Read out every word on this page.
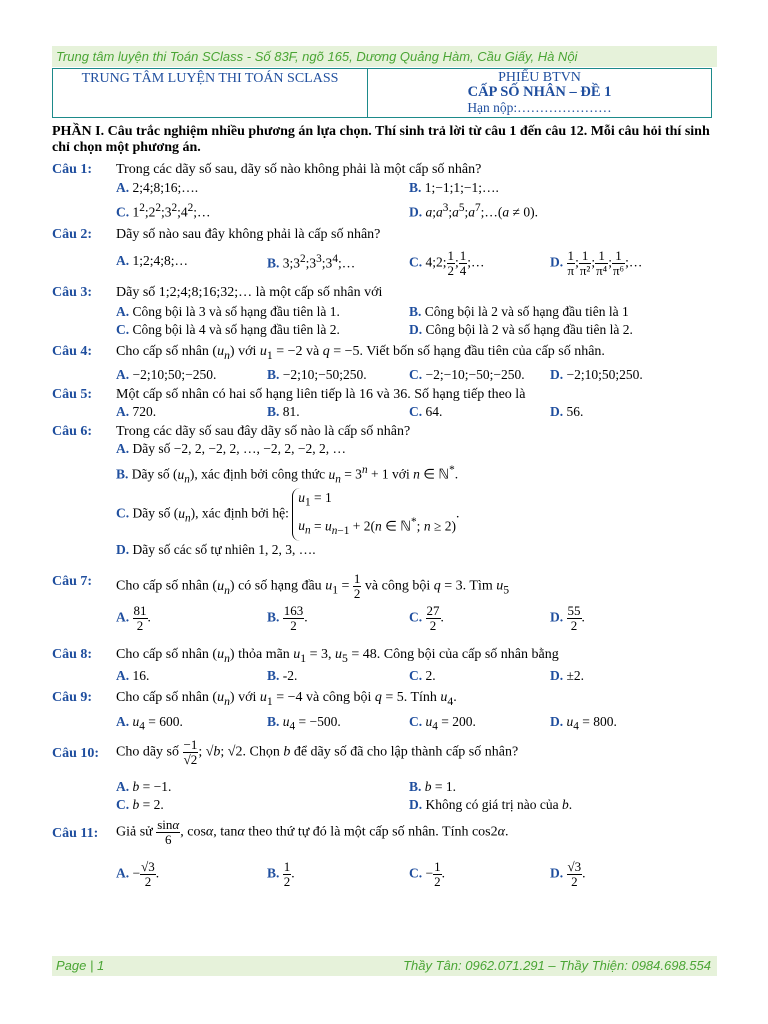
Trung tâm luyện thi Toán SClass - Số 83F, ngõ 165, Dương Quảng Hàm, Cầu Giấy, Hà Nội
TRUNG TÂM LUYỆN THI TOÁN SCLASS	PHIẾU BTVN
CẤP SỐ NHÂN – ĐỀ 1
Hạn nộp:…………………
PHẦN I. Câu trắc nghiệm nhiều phương án lựa chọn. Thí sinh trả lời từ câu 1 đến câu 12. Mỗi câu hỏi thí sinh chỉ chọn một phương án.
Câu 1: Trong các dãy số sau, dãy số nào không phải là một cấp số nhân?
A. 2;4;8;16;….	B. 1;−1;1;−1;….
C. $1^2;2^2;3^2;4^2;\dots$	D. $a;a^3;a^5;a^7;\dots(a \ne 0)$.
Câu 2: Dãy số nào sau đây không phải là cấp số nhân?
A. 1;2;4;8;…	B. $3;3^2;3^3;3^4;\dots$	C. 4;2; $\frac{1}{2}$ ; $\frac{1}{4}$ ;…	D. $\frac{1}{\pi}$ ; $\frac{1}{\text{π²}}$ ; $\frac{1}{\text{π⁴}}$ ; $\frac{1}{\text{π⁶}}$ ;…
Câu 3: Dãy số 1;2;4;8;16;32;… là một cấp số nhân với
A. Công bội là 3 và số hạng đầu tiên là 1.	B. Công bội là 2 và số hạng đầu tiên là 1
C. Công bội là 4 và số hạng đầu tiên là 2.	D. Công bội là 2 và số hạng đầu tiên là 2.
Câu 4: Cho cấp số nhân $(u_n)$ với $u_1 = -2$ và q = −5. Viết bốn số hạng đầu tiên của cấp số nhân.
A. −2;10;50;−250.	B. −2;10;−50;250.	C. −2;−10;−50;−250. D. −2;10;50;250.
Câu 5: Một cấp số nhân có hai số hạng liên tiếp là 16 và 36. Số hạng tiếp theo là
A. 720.	B. 81.	C. 64.	D. 56.
Câu 6: Trong các dãy số sau đây dãy số nào là cấp số nhân?
A. Dãy số −2, 2, −2, 2, …, −2, 2, −2, 2, …
B. Dãy số $(u_n)$, xác định bởi công thức $u_n = 3^n + 1$ với n ∈ ℕ*.
C. Dãy số $(u_n)$, xác định bởi hệ: $u_1 = 1$
$u_n = u_{n-1} + 2(n$ ∈ ℕ*; n ≥ 2).
D. Dãy số các số tự nhiên 1, 2, 3, ….
Câu 7: Cho cấp số nhân $(u_n)$ có số hạng đầu $u_1 = \frac{1}{2}$ và công bội q = 3. Tìm $u_5$
A. $\frac{81}{2}$ .	B. $\frac{163}{2}$ .	C. $\frac{27}{2}$ .	D. $\frac{55}{2}$ .
Câu 8: Cho cấp số nhân $(u_n)$ thỏa mãn $u_1 = 3$, $u_5 = 48$. Công bội của cấp số nhân bằng
A. 16.	B. -2.	C. 2.	D. ±2.
Câu 9: Cho cấp số nhân $(u_n)$ với $u_1 = -4$ và công bội q = 5. Tính $u_4$.
A. $u_4 = 600$.	B. $u_4 = -500$.	C. $u_4 = 200$.	D. $u_4 = 800$.
Câu 10: Cho dãy số $\frac{-1}{√2}$ ; √b; √2. Chọn b để dãy số đã cho lập thành cấp số nhân?
A. b = −1.	B. b = 1.
C. b = 2.	D. Không có giá trị nào của b.
Câu 11: Giả sử $\frac{\sin\alpha}{6}$ , cosα, tanα theo thứ tự đó là một cấp số nhân. Tính cos2α.
A. − $\frac{√3}{2}$ .	B. $\frac{1}{2}$ .	C. − $\frac{1}{2}$ .	D. $\frac{√3}{2}$ .
Page | 1	Thầy Tân: 0962.071.291 – Thầy Thiện: 0984.698.554
